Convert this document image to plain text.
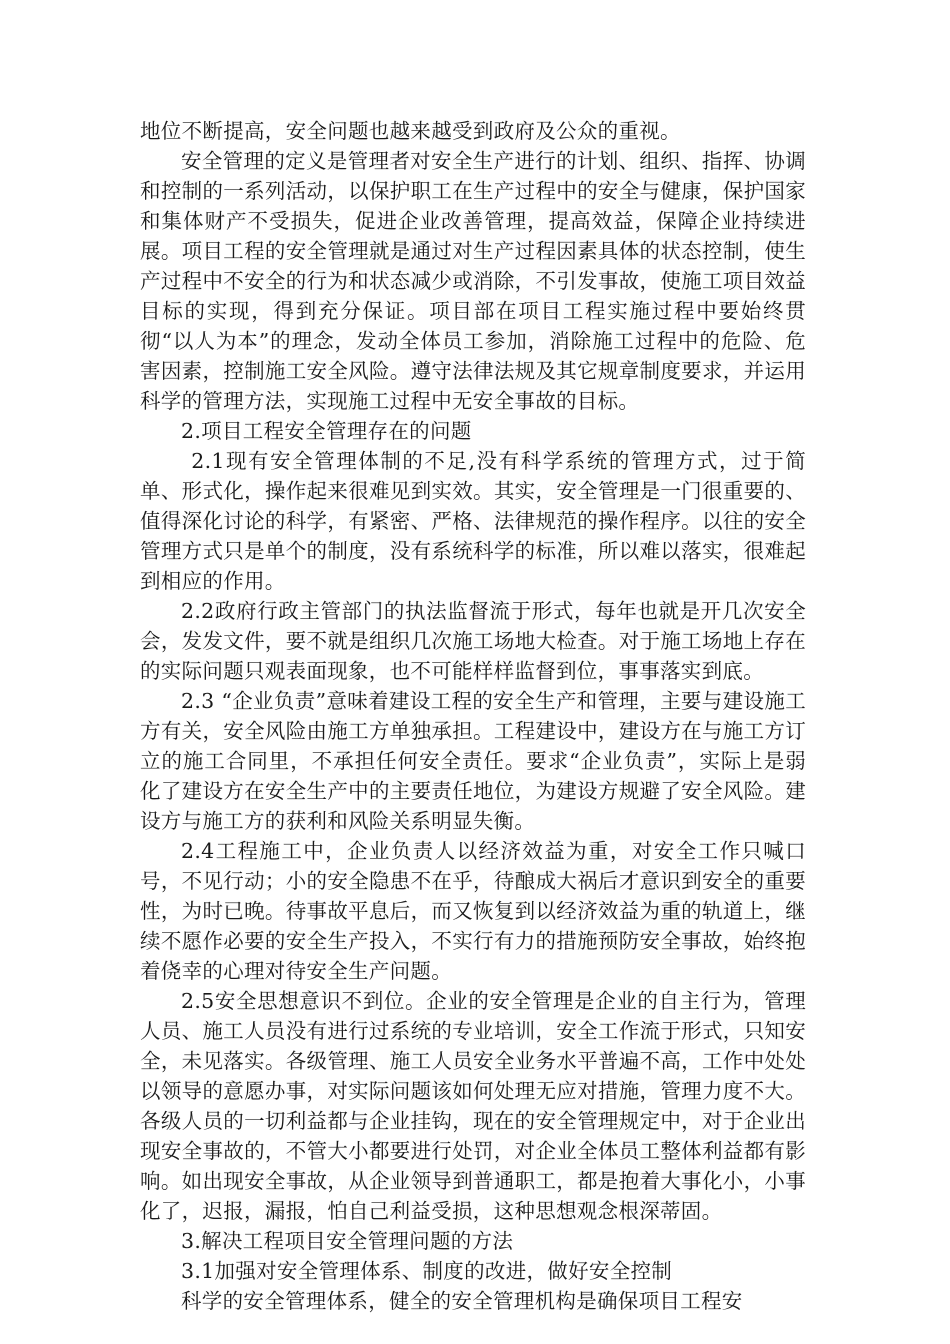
地位不断提高，安全问题也越来越受到政府及公众的重视。

安全管理的定义是管理者对安全生产进行的计划、组织、指挥、协调和控制的一系列活动，以保护职工在生产过程中的安全与健康，保护国家和集体财产不受损失，促进企业改善管理，提高效益，保障企业持续进展。项目工程的安全管理就是通过对生产过程因素具体的状态控制，使生产过程中不安全的行为和状态减少或消除，不引发事故，使施工项目效益目标的实现，得到充分保证。项目部在项目工程实施过程中要始终贯彻“以人为本”的理念，发动全体员工参加，消除施工过程中的危险、危害因素，控制施工安全风险。遵守法律法规及其它规章制度要求，并运用科学的管理方法，实现施工过程中无安全事故的目标。

2.项目工程安全管理存在的问题

2.1现有安全管理体制的不足,没有科学系统的管理方式，过于简单、形式化，操作起来很难见到实效。其实，安全管理是一门很重要的、值得深化讨论的科学，有紧密、严格、法律规范的操作程序。以往的安全管理方式只是单个的制度，没有系统科学的标准，所以难以落实，很难起到相应的作用。

2.2政府行政主管部门的执法监督流于形式，每年也就是开几次安全会，发发文件，要不就是组织几次施工场地大检查。对于施工场地上存在的实际问题只观表面现象，也不可能样样监督到位，事事落实到底。

2.3 “企业负责”意味着建设工程的安全生产和管理，主要与建设施工方有关，安全风险由施工方单独承担。工程建设中，建设方在与施工方订立的施工合同里，不承担任何安全责任。要求“企业负责”，实际上是弱化了建设方在安全生产中的主要责任地位，为建设方规避了安全风险。建设方与施工方的获利和风险关系明显失衡。

2.4工程施工中，企业负责人以经济效益为重，对安全工作只喊口号，不见行动；小的安全隐患不在乎，待酿成大祸后才意识到安全的重要性，为时已晚。待事故平息后，而又恢复到以经济效益为重的轨道上，继续不愿作必要的安全生产投入，不实行有力的措施预防安全事故，始终抱着侥幸的心理对待安全生产问题。

2.5安全思想意识不到位。企业的安全管理是企业的自主行为，管理人员、施工人员没有进行过系统的专业培训，安全工作流于形式，只知安全，未见落实。各级管理、施工人员安全业务水平普遍不高，工作中处处以领导的意愿办事，对实际问题该如何处理无应对措施，管理力度不大。各级人员的一切利益都与企业挂钩，现在的安全管理规定中，对于企业出现安全事故的，不管大小都要进行处罚，对企业全体员工整体利益都有影响。如出现安全事故，从企业领导到普通职工，都是抱着大事化小，小事化了，迟报，漏报，怕自己利益受损，这种思想观念根深蒂固。

3.解决工程项目安全管理问题的方法

3.1加强对安全管理体系、制度的改进，做好安全控制

科学的安全管理体系，健全的安全管理机构是确保项目工程安
